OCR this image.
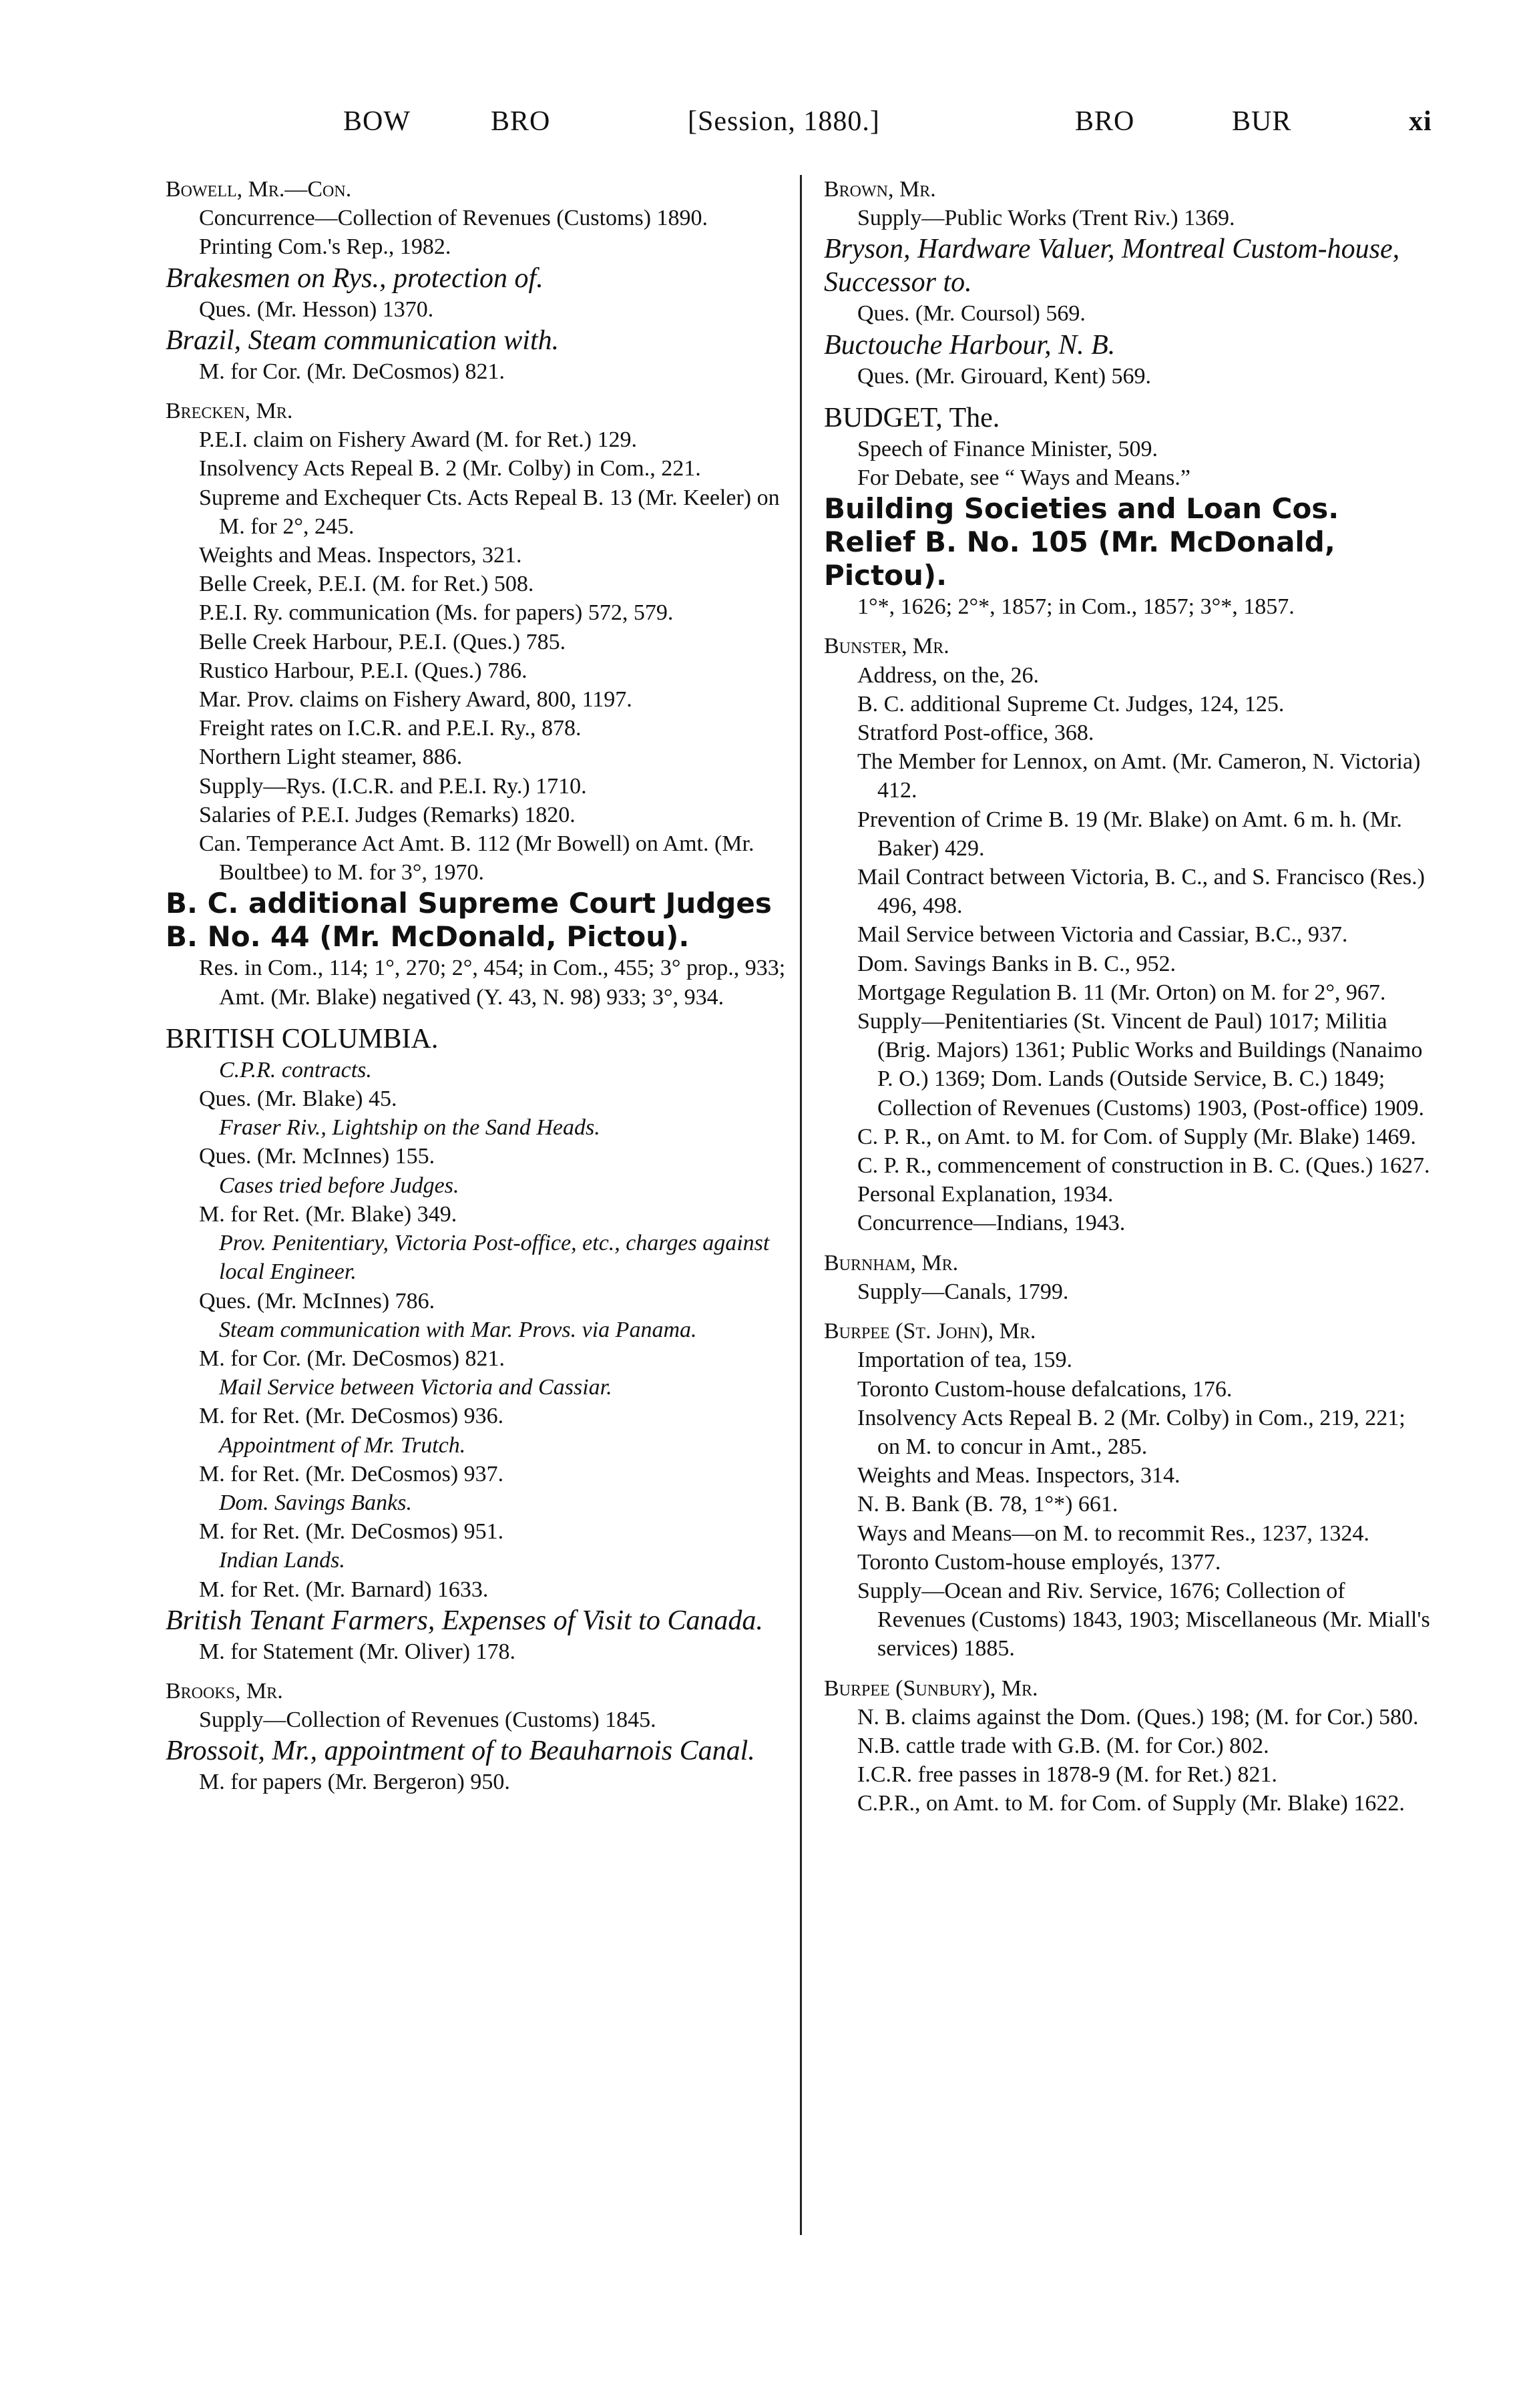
BOW	BRO	[Session, 1880.]	BRO	BUR	xi

Bowell, Mr.—Con.

Concurrence—Collection of Revenues (Customs) 1890.

Printing Com.'s Rep., 1982.

Brakesmen on Rys., protection of.

Ques. (Mr. Hesson) 1370.

Brazil, Steam communication with.

M. for Cor. (Mr. DeCosmos) 821.

Brecken, Mr.

P.E.I. claim on Fishery Award (M. for Ret.) 129.

Insolvency Acts Repeal B. 2 (Mr. Colby) in Com., 221.

Supreme and Exchequer Cts. Acts Repeal B. 13 (Mr. Keeler) on M. for 2°, 245.

Weights and Meas. Inspectors, 321.

Belle Creek, P.E.I. (M. for Ret.) 508.

P.E.I. Ry. communication (Ms. for papers) 572, 579.

Belle Creek Harbour, P.E.I. (Ques.) 785.

Rustico Harbour, P.E.I. (Ques.) 786.

Mar. Prov. claims on Fishery Award, 800, 1197.

Freight rates on I.C.R. and P.E.I. Ry., 878.

Northern Light steamer, 886.

Supply—Rys. (I.C.R. and P.E.I. Ry.) 1710.

Salaries of P.E.I. Judges (Remarks) 1820.

Can. Temperance Act Amt. B. 112 (Mr Bowell) on Amt. (Mr. Boultbee) to M. for 3°, 1970.

B. C. additional Supreme Court Judges B. No. 44 (Mr. McDonald, Pictou).

Res. in Com., 114; 1°, 270; 2°, 454; in Com., 455; 3° prop., 933; Amt. (Mr. Blake) negatived (Y. 43, N. 98) 933; 3°, 934.

BRITISH COLUMBIA.

C.P.R. contracts.

Ques. (Mr. Blake) 45.

Fraser Riv., Lightship on the Sand Heads.

Ques. (Mr. McInnes) 155.

Cases tried before Judges.

M. for Ret. (Mr. Blake) 349.

Prov. Penitentiary, Victoria Post-office, etc., charges against local Engineer.

Ques. (Mr. McInnes) 786.

Steam communication with Mar. Provs. via Panama.

M. for Cor. (Mr. DeCosmos) 821.

Mail Service between Victoria and Cassiar.

M. for Ret. (Mr. DeCosmos) 936.

Appointment of Mr. Trutch.

M. for Ret. (Mr. DeCosmos) 937.

Dom. Savings Banks.

M. for Ret. (Mr. DeCosmos) 951.

Indian Lands.

M. for Ret. (Mr. Barnard) 1633.

British Tenant Farmers, Expenses of Visit to Canada.

M. for Statement (Mr. Oliver) 178.

Brooks, Mr.

Supply—Collection of Revenues (Customs) 1845.

Brossoit, Mr., appointment of to Beauharnois Canal.

M. for papers (Mr. Bergeron) 950.

Brown, Mr.

Supply—Public Works (Trent Riv.) 1369.

Bryson, Hardware Valuer, Montreal Custom-house, Successor to.

Ques. (Mr. Coursol) 569.

Buctouche Harbour, N. B.

Ques. (Mr. Girouard, Kent) 569.

BUDGET, The.

Speech of Finance Minister, 509.

For Debate, see “ Ways and Means.”

Building Societies and Loan Cos. Relief B. No. 105 (Mr. McDonald, Pictou).

1°*, 1626; 2°*, 1857; in Com., 1857; 3°*, 1857.

Bunster, Mr.

Address, on the, 26.

B. C. additional Supreme Ct. Judges, 124, 125.

Stratford Post-office, 368.

The Member for Lennox, on Amt. (Mr. Cameron, N. Victoria) 412.

Prevention of Crime B. 19 (Mr. Blake) on Amt. 6 m. h. (Mr. Baker) 429.

Mail Contract between Victoria, B. C., and S. Francisco (Res.) 496, 498.

Mail Service between Victoria and Cassiar, B.C., 937.

Dom. Savings Banks in B. C., 952.

Mortgage Regulation B. 11 (Mr. Orton) on M. for 2°, 967.

Supply—Penitentiaries (St. Vincent de Paul) 1017; Militia (Brig. Majors) 1361; Public Works and Buildings (Nanaimo P. O.) 1369; Dom. Lands (Outside Service, B. C.) 1849; Collection of Revenues (Customs) 1903, (Post-office) 1909.

C. P. R., on Amt. to M. for Com. of Supply (Mr. Blake) 1469.

C. P. R., commencement of construction in B. C. (Ques.) 1627.

Personal Explanation, 1934.

Concurrence—Indians, 1943.

Burnham, Mr.

Supply—Canals, 1799.

Burpee (St. John), Mr.

Importation of tea, 159.

Toronto Custom-house defalcations, 176.

Insolvency Acts Repeal B. 2 (Mr. Colby) in Com., 219, 221; on M. to concur in Amt., 285.

Weights and Meas. Inspectors, 314.

N. B. Bank (B. 78, 1°*) 661.

Ways and Means—on M. to recommit Res., 1237, 1324.

Toronto Custom-house employés, 1377.

Supply—Ocean and Riv. Service, 1676; Collection of Revenues (Customs) 1843, 1903; Miscellaneous (Mr. Miall's services) 1885.

Burpee (Sunbury), Mr.

N. B. claims against the Dom. (Ques.) 198; (M. for Cor.) 580.

N.B. cattle trade with G.B. (M. for Cor.) 802.

I.C.R. free passes in 1878-9 (M. for Ret.) 821.

C.P.R., on Amt. to M. for Com. of Supply (Mr. Blake) 1622.
